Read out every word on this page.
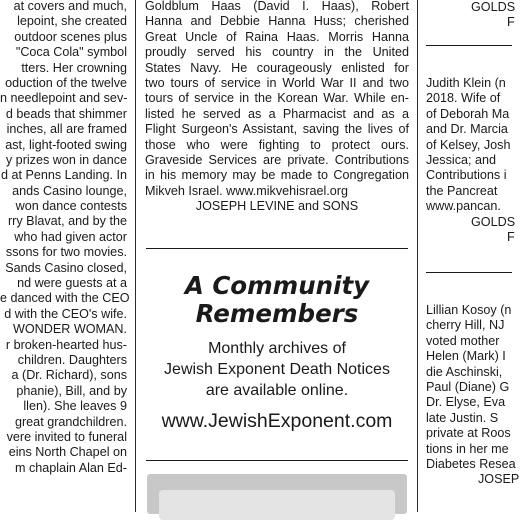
at covers and much,
lepoint, she created
outdoor scenes plus
"Coca Cola" symbol
tters. Her crowning
oduction of the twelve
n needlepoint and sev-
d beads that shimmer
inches, all are framed
ast, light-footed swing
y prizes won in dance
d at Penns Landing. In
ands Casino lounge,
won dance contests
rry Blavat, and by the
who had given actor
ssons for two movies.
Sands Casino closed,
nd were guests at a
e danced with the CEO
d with the CEO's wife.
WONDER WOMAN.
r broken-hearted hus-
children. Daughters
a (Dr. Richard), sons
phanie), Bill, and by
llen). She leaves 9
great grandchildren.
vere invited to funeral
eins North Chapel on
m chaplain Alan Ed-
Goldblum Haas (David I. Haas), Robert
Hanna and Debbie Hanna Huss; cherished
Great Uncle of Raina Haas. Morris Hanna
proudly served his country in the United
States Navy. He courageously enlisted for
two tours of service in World War II and two
tours of service in the Korean War. While en-
listed he served as a Pharmacist and as a
Flight Surgeon's Assistant, saving the lives of
those who were fighting to protect ours.
Graveside Services are private. Contributions
in his memory may be made to Congregation
Mikveh Israel. www.mikvehisrael.org
JOSEPH LEVINE and SONS
A Community
Remembers
Monthly archives of
Jewish Exponent Death Notices
are available online.
www.JewishExponent.com
GOLDS
F
Judith Klein (n
2018. Wife of
of Deborah Ma
and Dr. Marcia
of Kelsey, Josh
Jessica; and
Contributions i
the Pancreat
www.pancan.
GOLDS
F
Lillian Kosoy (n
cherry Hill, NJ
voted mother
Helen (Mark) I
die Aschinski,
Paul (Diane) G
Dr. Elyse, Eva
late Justin. S
private at Roos
tions in her me
Diabetes Resea
JOSEP
